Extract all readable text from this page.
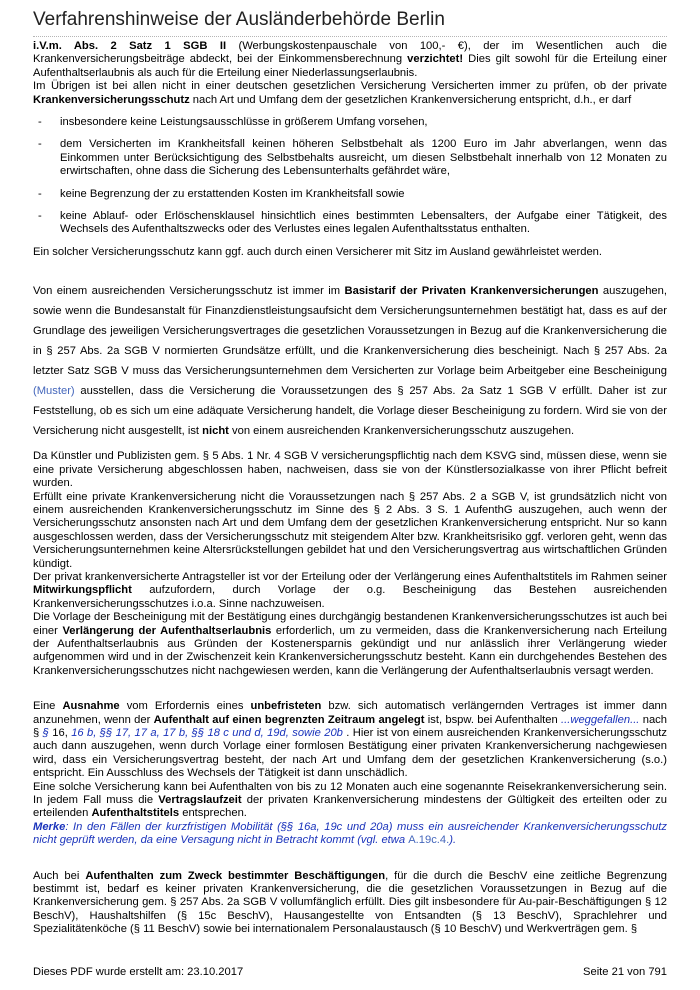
Verfahrenshinweise der Ausländerbehörde Berlin

i.V.m. Abs. 2 Satz 1 SGB II (Werbungskostenpauschale von 100,- €), der im Wesentlichen auch die Krankenversicherungsbeiträge abdeckt, bei der Einkommensberechnung verzichtet! Dies gilt sowohl für die Erteilung einer Aufenthaltserlaubnis als auch für die Erteilung einer Niederlassungserlaubnis.

Im Übrigen ist bei allen nicht in einer deutschen gesetzlichen Versicherung Versicherten immer zu prüfen, ob der private Krankenversicherungsschutz nach Art und Umfang dem der gesetzlichen Krankenversicherung entspricht, d.h., er darf

- insbesondere keine Leistungsausschlüsse in größerem Umfang vorsehen,
- dem Versicherten im Krankheitsfall keinen höheren Selbstbehalt als 1200 Euro im Jahr abverlangen, wenn das Einkommen unter Berücksichtigung des Selbstbehalts ausreicht, um diesen Selbstbehalt innerhalb von 12 Monaten zu erwirtschaften, ohne dass die Sicherung des Lebensunterhalts gefährdet wäre,
- keine Begrenzung der zu erstattenden Kosten im Krankheitsfall sowie
- keine Ablauf- oder Erlöschensklausel hinsichtlich eines bestimmten Lebensalters, der Aufgabe einer Tätigkeit, des Wechsels des Aufenthaltszwecks oder des Verlustes eines legalen Aufenthaltsstatus enthalten.

Ein solcher Versicherungsschutz kann ggf. auch durch einen Versicherer mit Sitz im Ausland gewährleistet werden.

Von einem ausreichenden Versicherungsschutz ist immer im Basistarif der Privaten Krankenversicherungen auszugehen, sowie wenn die Bundesanstalt für Finanzdienstleistungsaufsicht dem Versicherungsunternehmen bestätigt hat, dass es auf der Grundlage des jeweiligen Versicherungsvertrages die gesetzlichen Voraussetzungen in Bezug auf die Krankenversicherung die in § 257 Abs. 2a SGB V normierten Grundsätze erfüllt, und die Krankenversicherung dies bescheinigt. Nach § 257 Abs. 2a letzter Satz SGB V muss das Versicherungsunternehmen dem Versicherten zur Vorlage beim Arbeitgeber eine Bescheinigung (Muster) ausstellen, dass die Versicherung die Voraussetzungen des § 257 Abs. 2a Satz 1 SGB V erfüllt. Daher ist zur Feststellung, ob es sich um eine adäquate Versicherung handelt, die Vorlage dieser Bescheinigung zu fordern. Wird sie von der Versicherung nicht ausgestellt, ist nicht von einem ausreichenden Krankenversicherungsschutz auszugehen.

Da Künstler und Publizisten gem. § 5 Abs. 1 Nr. 4 SGB V versicherungspflichtig nach dem KSVG sind, müssen diese, wenn sie eine private Versicherung abgeschlossen haben, nachweisen, dass sie von der Künstlersozialkasse von ihrer Pflicht befreit wurden.

Erfüllt eine private Krankenversicherung nicht die Voraussetzungen nach § 257 Abs. 2 a SGB V, ist grundsätzlich nicht von einem ausreichenden Krankenversicherungsschutz im Sinne des § 2 Abs. 3 S. 1 AufenthG auszugehen, auch wenn der Versicherungsschutz ansonsten nach Art und dem Umfang dem der gesetzlichen Krankenversicherung entspricht. Nur so kann ausgeschlossen werden, dass der Versicherungsschutz mit steigendem Alter bzw. Krankheitsrisiko ggf. verloren geht, wenn das Versicherungsunternehmen keine Altersrückstellungen gebildet hat und den Versicherungsvertrag aus wirtschaftlichen Gründen kündigt.

Der privat krankenversicherte Antragsteller ist vor der Erteilung oder der Verlängerung eines Aufenthaltstitels im Rahmen seiner Mitwirkungspflicht aufzufordern, durch Vorlage der o.g. Bescheinigung das Bestehen ausreichenden Krankenversicherungsschutzes i.o.a. Sinne nachzuweisen.

Die Vorlage der Bescheinigung mit der Bestätigung eines durchgängig bestandenen Krankenversicherungsschutzes ist auch bei einer Verlängerung der Aufenthaltserlaubnis erforderlich, um zu vermeiden, dass die Krankenversicherung nach Erteilung der Aufenthaltserlaubnis aus Gründen der Kostenersparnis gekündigt und nur anlässlich ihrer Verlängerung wieder aufgenommen wird und in der Zwischenzeit kein Krankenversicherungsschutz besteht. Kann ein durchgehendes Bestehen des Krankenversicherungsschutzes nicht nachgewiesen werden, kann die Verlängerung der Aufenthaltserlaubnis versagt werden.

Eine Ausnahme vom Erfordernis eines unbefristeten bzw. sich automatisch verlängernden Vertrages ist immer dann anzunehmen, wenn der Aufenthalt auf einen begrenzten Zeitraum angelegt ist, bspw. bei Aufenthalten ...weggefallen... nach § § 16, 16 b, §§ 17, 17 a, 17 b, §§ 18 c und d, 19d, sowie 20b . Hier ist von einem ausreichenden Krankenversicherungsschutz auch dann auszugehen, wenn durch Vorlage einer formlosen Bestätigung einer privaten Krankenversicherung nachgewiesen wird, dass ein Versicherungsvertrag besteht, der nach Art und Umfang dem der gesetzlichen Krankenversicherung (s.o.) entspricht. Ein Ausschluss des Wechsels der Tätigkeit ist dann unschädlich.

Eine solche Versicherung kann bei Aufenthalten von bis zu 12 Monaten auch eine sogenannte Reisekrankenversicherung sein. In jedem Fall muss die Vertragslaufzeit der privaten Krankenversicherung mindestens der Gültigkeit des erteilten oder zu erteilenden Aufenthaltstitels entsprechen.

Merke: In den Fällen der kurzfristigen Mobilität (§§ 16a, 19c und 20a) muss ein ausreichender Krankenversicherungsschutz nicht geprüft werden, da eine Versagung nicht in Betracht kommt (vgl. etwa A.19c.4.).

Auch bei Aufenthalten zum Zweck bestimmter Beschäftigungen, für die durch die BeschV eine zeitliche Begrenzung bestimmt ist, bedarf es keiner privaten Krankenversicherung, die die gesetzlichen Voraussetzungen in Bezug auf die Krankenversicherung gem. § 257 Abs. 2a SGB V vollumfänglich erfüllt. Dies gilt insbesondere für Au-pair-Beschäftigungen § 12 BeschV), Haushaltshilfen (§ 15c BeschV), Hausangestellte von Entsandten (§ 13 BeschV), Sprachlehrer und Spezialitätenköche (§ 11 BeschV) sowie bei internationalem Personalaustausch (§ 10 BeschV) und Werkverträgen gem. §

Dieses PDF wurde erstellt am: 23.10.2017	Seite 21 von 791
